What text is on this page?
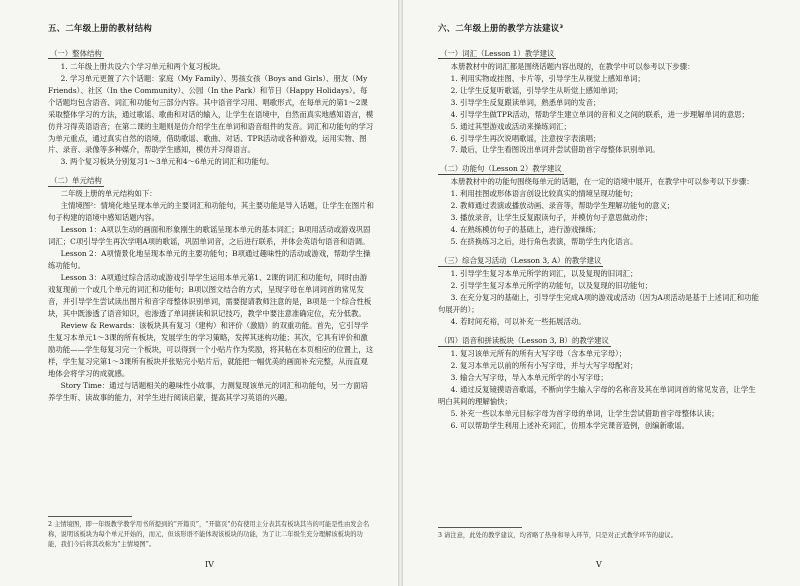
五、二年级上册的教材结构
（一）整体结构

1. 二年级上册共设六个学习单元和两个复习板块。

2. 学习单元更置了六个话题：家庭（My Family）、男孩女孩（Boys and Girls）、朋友（My Friends）、社区（In the Community）、公园（In the Park）和节日（Happy Holidays）。每个话题均包含语音、词汇和功能句三部分内容。其中语音学习用、唱歌形式，在每单元的第1～2课采取整体学习的方法，通过歌谣、歌曲和对话的输入，让学生在语境中，自然而真实地感知语言，模仿并习得英语语音；在第二课的主题则是仿介绍学生在单词和语音组件的发音。词汇和功能句的学习为单元重点，通过真实自然的语境，借助歌谣、歌曲、对话、TPR活动或各种游戏，运用实物、图片、录音、录像等多种媒介，帮助学生感知，模仿并习得语言。

3. 两个复习板块分别复习1～3单元和4～6单元的词汇和功能句。

（二）单元结构

二年级上册的单元结构如下：

主情境图²：情境化地呈现本单元的主要词汇和功能句，其主要功能是导入话题，让学生在图片和句子构建的语境中感知话题内容。

Lesson 1：A项以生动的画面和形象刚生的歌谣呈现本单元的基本词汇；B项用活动或游戏巩固词汇；C项引导学生再次学唱A项的歌谣，巩固单词音，之后进行联系，并体会英语句语音和语调。

Lesson 2：A项情景化地呈现本单元的主要功能句；B项通过趣味性的活动或游戏，帮助学生操练功能句。

Lesson 3：A项通过综合活动或游戏引导学生运用本单元第1、2课的词汇和功能句，同时由游戏复现前一个或几个单元的词汇和功能句；B项以图文结合的方式，呈现字母在单词词首的常见发音，并引导学生尝试读出图片和音字母整体识别单词，需要提请教师注意的是，B项是一个综合性板块，其中既渗透了语音知识，也渗透了单词拼读和识记技巧，教学中要注意准确定位，充分低教。

Review & Rewards：该板块具有复习（建构）和评价（激励）的双重功能。首先，它引导学生复习本单元1～3课的所有板块，发展学生的学习策略，发挥其迷构功能；其次，它具有评价和激励功能——学生每复习完一个板块，可以得到一个小贴片作为奖励，将其粘在本页相应的位置上，这样，学生复习完第1～3课所有板块并张贴完小贴片后，就能把一幅优美的画面补充完整，从而直观地体会将学习的成就感。

Story Time：通过与话题相关的趣味性小故事，力测复现该单元的词汇和功能句，另一方面培养学生听、读故事的能力，对学生进行阅读启蒙，提高其学习英语的兴趣。

2 主情境图，即一年级教学教学用书所提到的“开篇页”，“开篇页”仍有使用主分表其有板块其当的可能是性由发会名称，说明该板块为每个单元开始的，而元，但该形语不能体现该板块的功能，为了让二年级生充分理解该板块的功能，我们今后将其改称为“主情境图”。
IV
六、二年级上册的教学方法建议³
（一）词汇（Lesson 1）教学建议

本册教材中的词汇都是围绕话题内容出现的，在教学中可以参考以下步骤：

1. 利用实物或挂图、卡片等，引导学生从视觉上感知单词；

2. 让学生反复听歌谣，引导学生从听觉上感知单词；

3. 引导学生反复跟读单词，熟悉单词的发音；

4. 引导学生做TPR活动，帮助学生建立单词的音和义之间的联系，进一步理解单词的意思；

5. 通过其型游戏或活动来操练词汇；

6. 引导学生再次说唱歌谣，注意按字表演唱；

7. 最后，让学生看图说出单词并尝试借助首字母整体识别单词。

（二）功能句（Lesson 2）教学建议

本册教材中的功能句围绕每单元的话题，在一定的语境中展开，在教学中可以参考以下步骤：

1. 利用挂图或形体语言创设比较真实的情境呈现功能句；

2. 教师通过表演或播放动画、录音等，帮助学生理解功能句的意义；

3. 播放录音，让学生反复跟读句子，并模仿句子意思做动作；

4. 在熟练模仿句子的基础上，进行游戏操练；

5. 在挤换练习之后，进行角色表演，帮助学生内化语言。

（三）综合复习活动（Lesson 3, A）的教学建议

1. 引导学生复习本单元所学的词汇，以及复现的旧词汇；

2. 引导学生复习本单元所学的功能句，以及复现的旧功能句；

3. 在充分复习的基础上，引导学生完成A项的游戏或活动（因为A项活动是基于上述词汇和功能句展开的）；

4. 若时间充裕，可以补充一些拓展活动。

（四）语音和拼读板块（Lesson 3, B）的教学建议

1. 复习该单元所有的所有大写字母（含本单元字母）；

2. 复习本单元以前的所有小写字母，并与大写字母配对；

3. 输合大写字母，导入本单元所学的小写字母；

4. 通过反复镜摸语音歌谣，不断向学生输入字母的名称音及其在单词词首的常见发音，让学生明白其间的理解愉快；

5. 补充一些以本单元目标字母为首字母的单词，让学生尝试借助首字母整体认读；

6. 可以帮助学生利用上述补充词汇，仿照本学完课音造例，创编新歌谣。

3 请注意，此处的教学建议，均省略了热身和导入环节，只是对正式教学环节的建议。
V
